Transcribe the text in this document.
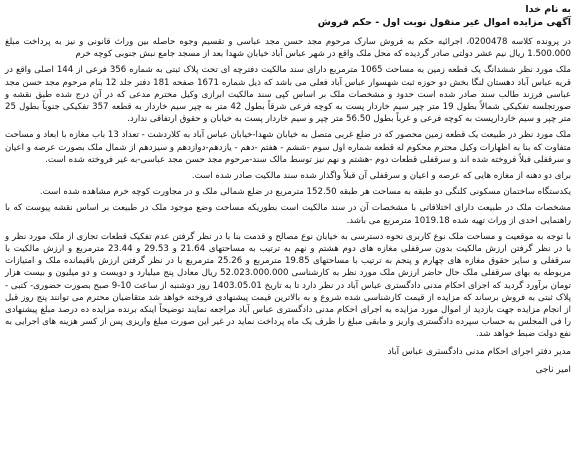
به نام خدا
آگهی مزایده اموال غیر منقول نوبت اول - حکم فروش

در پرونده کلاسه 0200478، اجرائیه حکم به فروش سارک مرحوم مجد حسن مجد عباسی و تقسیم وجوه حاصله بین وراث قانونی و نیز به پرداخت مبلغ 1.500.000 ریال نیم عشر دولتی صادر گردیده که محل ملک واقع در شهر عباس آباد خیابان شهدا بعد از مسجد جامع نبش جنوبی کوچه خرم

ملک مورد نظر ششدانگ یک قطعه زمین به مساحت 1065 مترمربع دارای سند مالکیت دفترچه ای تحت پلاک ثبتی به شماره 356 فرعی از 144 اصلی واقع در قریه عباس آباد دهستان لنگا بخش دو حوزه ثبت شهسوار عباس آباد فعلی می باشد که ذیل شماره 1671 صفحه 181 دفتر جلد 12 بنام مرحوم مجد حسن مجد عباسی فرزند طالب سند صادر شده است حدود و مشخصات ملک بر اساس کپی سند مالکیت ابرازی وکیل محترم مدعی که در آن درج شده طبق نقشه و صورتجلسه تفکیکی شمالاً بطول 19 متر چپر سیم خاردار پست به کوچه فرعی شرقاً بطول 42 متر به چپر سیم خاردار به قطعه 357 تفکیکی جنوباً بطول 25 متر چپر و سیم خاردارپست به کوچه فرعی و غرباً بطول 56.50 متر چپر و سیم خاردار پست به خیابان و حقوق ارتفاقی ندارد.

ملک مورد نظر در طبیعت یک قطعه زمین محصور که در ضلع غربی متصل به خیابان شهدا-خیابان عباس آباد به کلاردشت - تعداد 13 باب مغازه با ابعاد و مساحت متفاوت که بنا به اظهارات وکیل محترم محکوم له قطعه شماره اول سوم -ششم - هفتم -دهم - یازدهم-دوازدهم و سیزدهم از شمال ملک بصورت عرصه و اعیان و سرقفلی فبلاً فروخته شده اند و سرقفلی قطعات دوم -هشتم و نهم نیز توسط مالک سند-مرحوم مجد حسن مجد عباسی-به غیر فروخته شده است.

برای دو دهنه از مغازه هایی که عرصه و اعیان و سرقفلی آن قبلاً واگذار شده سند مالکیت صادر شده است.

یکدستگاه ساختمان مسکونی کلنگی دو طبقه به مساحت هر طبقه 152.50 مترمربع در ضلع شمالی ملک و در مجاورت کوچه خرم مشاهده شده است.

مشخصات ملک در طبیعت دارای اختلافاتی با مشخصات آن در سند مالکیت است بطوریکه مساحت وضع موجود ملک در طبیعت بر اساس نقشه پیوست که با راهنمایی احدی از وراث تهیه شده 1019.18 مترمربع می باشد.

با توجه به موقعیت و مساحت ملک نوع کاربری نحوه دسترسی به خیابان نوع مصالح و قدمت بنا با در نظر گرفتن عدم تفکیک قطعات تجاری از ملک مورد نظر و با در نظر گرفتن ارزش مالکیت بدون سرقفلی مغازه های دوم هشتم و نهم به ترتیب به مساحتهای 21.64 و 29.53 و 23.44 مترمربع و ارزش مالکیت با سرقفلی و سایر حقوق مغازه های چهارم و پنجم به ترتیب با مساحتهای 19.85 مترمربع و 25.26 مترمربع با در نظر گرفتن ارزش باقیمانده ملک و امتیازات مربوطه به بهای سرقفلی ملک حال حاضر ارزش ملک مورد نظر به کارشناسی 52.023.000.000 ریال معادل پنج میلیارد و دویست و دو میلیون و بیست هزار تومان برآورد گردید که اجرای احکام مدنی دادگستری عباس آباد در نظر دارد تا به تاریخ 1403.05.01 روز دوشنبه از ساعت 10-9 صبح بصورت حضوری- کتبی - پلاک ثبتی به فروش برساند که مزایده از قیمت کارشناسی شده شروع و به بالاترین قیمت پیشنهادی فروخته خواهد شد متقاضیان محترم می توانند پنج روز قبل از انجام مزایده جهت بازدید از اموال مورد مزایده به اجرای احکام مدنی دادگستری عباس آباد مراجعه نمایند توضیحاً اینکه برنده مزایده ده درصد مبلغ پیشنهادی را فی المجلس به حساب سپرده دادگستری واریز و مابقی مبلغ را ظرف یک ماه پرداخت نماید در غیر این صورت مبلغ واریزی پس از کسر هزینه های اجرایی به نفع دولت ضبط خواهد شد.

مدیر دفتر اجرای احکام مدنی دادگستری عباس آباد
امیر ناجی
